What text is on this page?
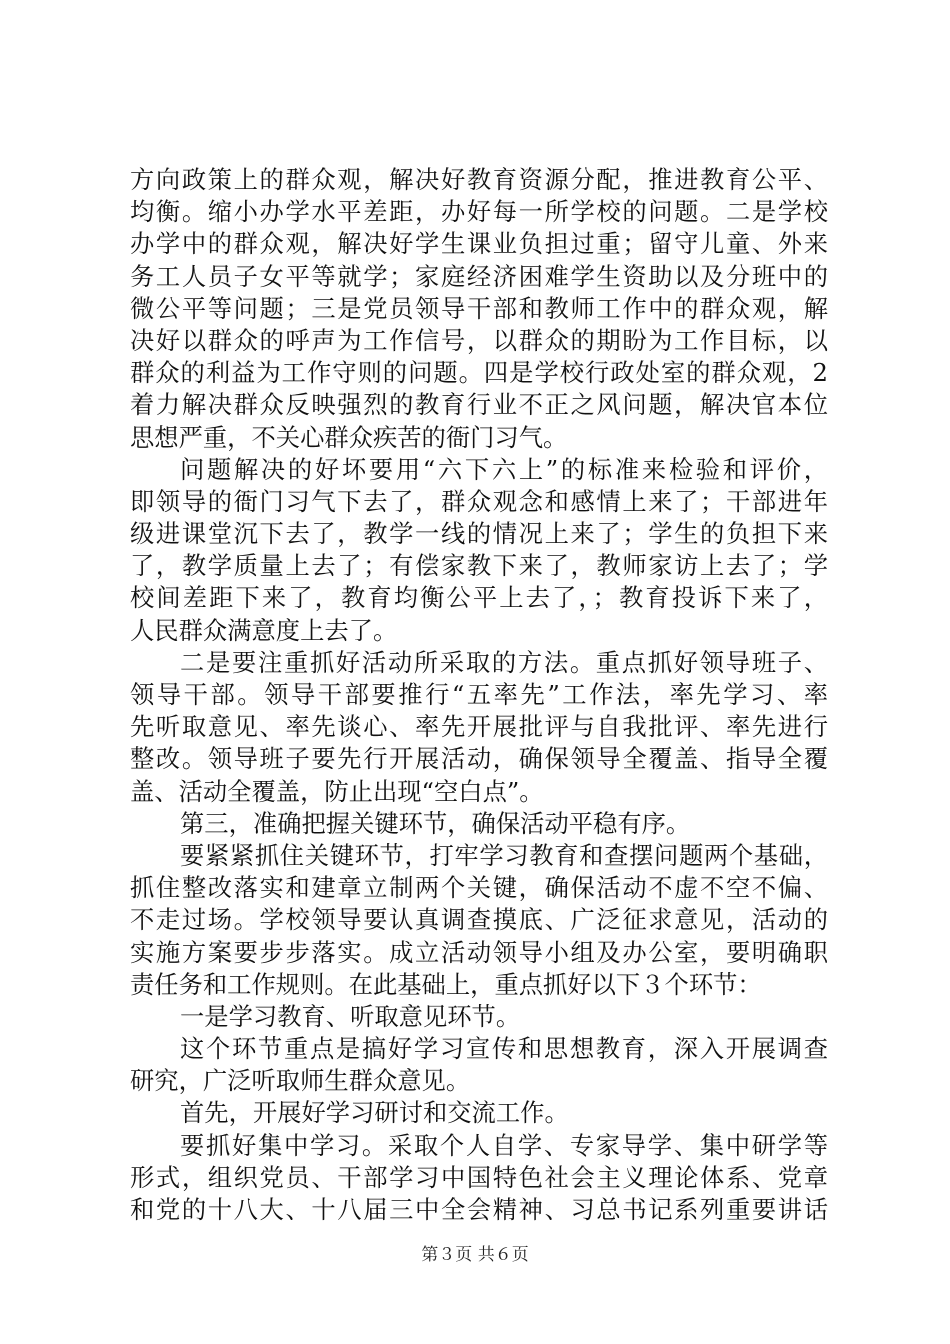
方向政策上的群众观，解决好教育资源分配，推进教育公平、
均衡。缩小办学水平差距，办好每一所学校的问题。二是学校
办学中的群众观，解决好学生课业负担过重；留守儿童、外来
务工人员子女平等就学；家庭经济困难学生资助以及分班中的
微公平等问题；三是党员领导干部和教师工作中的群众观，解
决好以群众的呼声为工作信号，以群众的期盼为工作目标，以
群众的利益为工作守则的问题。四是学校行政处室的群众观，2
着力解决群众反映强烈的教育行业不正之风问题，解决官本位
思想严重，不关心群众疾苦的衙门习气。
问题解决的好坏要用“六下六上”的标准来检验和评价，
即领导的衙门习气下去了，群众观念和感情上来了；干部进年
级进课堂沉下去了，教学一线的情况上来了；学生的负担下来
了，教学质量上去了；有偿家教下来了，教师家访上去了；学
校间差距下来了，教育均衡公平上去了，；教育投诉下来了，
人民群众满意度上去了。
二是要注重抓好活动所采取的方法。重点抓好领导班子、
领导干部。领导干部要推行“五率先”工作法，率先学习、率
先听取意见、率先谈心、率先开展批评与自我批评、率先进行
整改。领导班子要先行开展活动，确保领导全覆盖、指导全覆
盖、活动全覆盖，防止出现“空白点”。
第三，准确把握关键环节，确保活动平稳有序。
要紧紧抓住关键环节，打牢学习教育和查摆问题两个基础，
抓住整改落实和建章立制两个关键，确保活动不虚不空不偏、
不走过场。学校领导要认真调查摸底、广泛征求意见，活动的
实施方案要步步落实。成立活动领导小组及办公室，要明确职
责任务和工作规则。在此基础上，重点抓好以下３个环节：
一是学习教育、听取意见环节。
这个环节重点是搞好学习宣传和思想教育，深入开展调查
研究，广泛听取师生群众意见。
首先，开展好学习研讨和交流工作。
要抓好集中学习。采取个人自学、专家导学、集中研学等
形式，组织党员、干部学习中国特色社会主义理论体系、党章
和党的十八大、十八届三中全会精神、习总书记系列重要讲话
第３页 共６页
